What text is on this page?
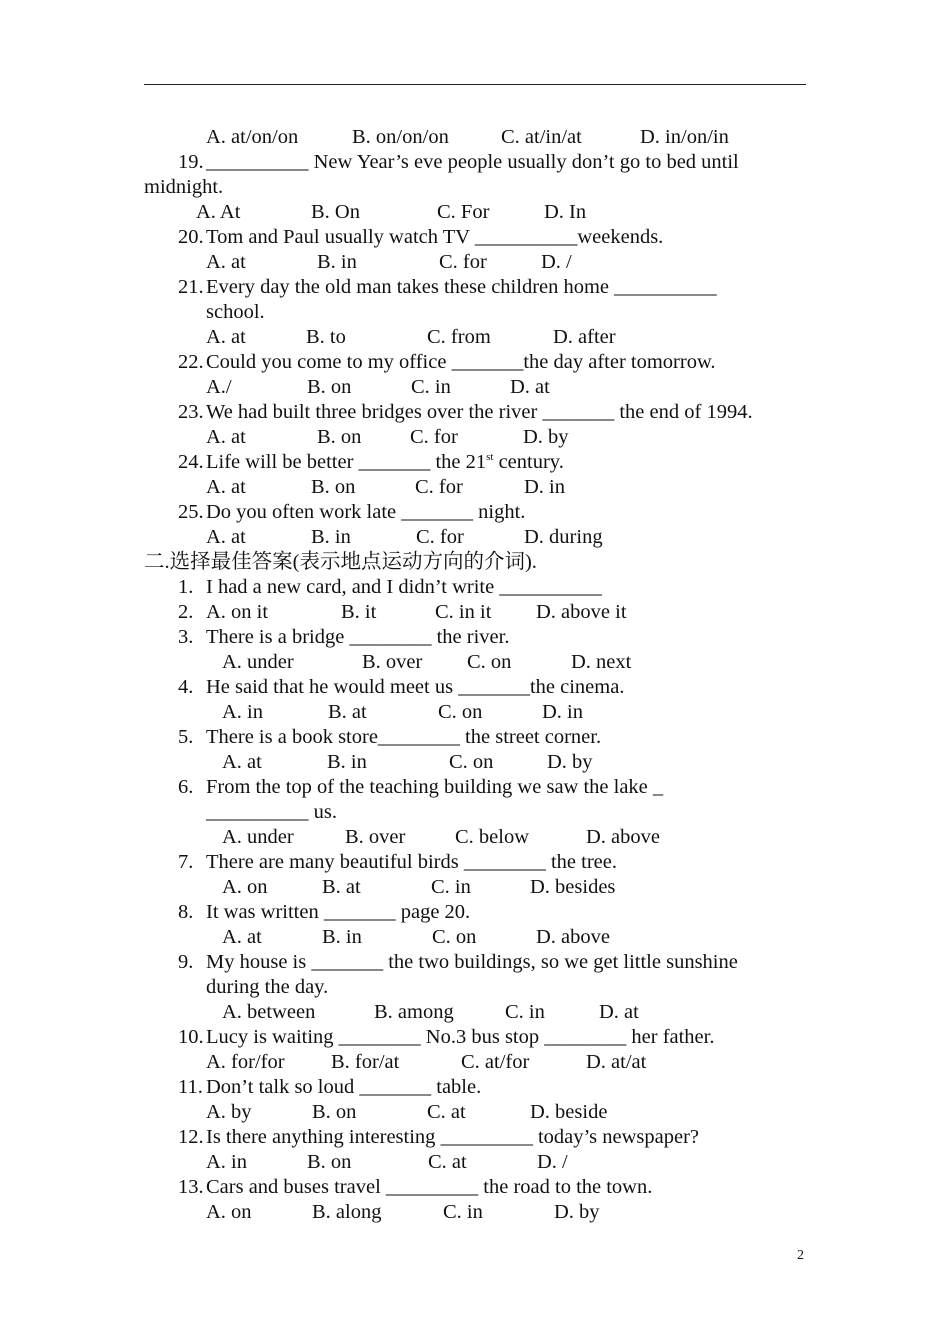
A. at/on/on	B. on/on/on	C. at/in/at	D. in/on/in
19. __________ New Year’s eve people usually don’t go to bed until
midnight.
A. At	B. On	C. For	D. In
20. Tom and Paul usually watch TV __________weekends.
A. at	B. in	C. for	D. /
21. Every day the old man takes these children home __________
school.
A. at	B. to	C. from	D. after
22. Could you come to my office _______the day after tomorrow.
A./	B. on	C. in	D. at
23. We had built three bridges over the river _______ the end of 1994.
A. at	B. on C. for	D. by
24. Life will be better _______ the 21st century.
A. at	B. on	C. for	D. in
25. Do you often work late _______ night.
A. at	B. in	C. for	D. during
二.选择最佳答案(表示地点运动方向的介词).
1. I had a new card, and I didn’t write __________
2. A. on it	B. it	C. in it D. above it
3. There is a bridge ________ the river.
A. under	B. over C. on	D. next
4. He said that he would meet us _______the cinema.
A. in	B. at	C. on	D. in
5. There is a book store________ the street corner.
A. at	B. in	C. on	D. by
6. From the top of the teaching building we saw the lake _
__________ us.
A. under	B. over C. below	D. above
7. There are many beautiful birds ________ the tree.
A. on	B. at	C. in	D. besides
8. It was written _______ page 20.
A. at	B. in	C. on	D. above
9. My house is _______ the two buildings, so we get little sunshine
during the day.
A. between	B. among	C. in	D. at
10. Lucy is waiting ________ No.3 bus stop ________ her father.
A. for/for B. for/at	C. at/for	D. at/at
11. Don’t talk so loud _______ table.
A. by	B. on	C. at	D. beside
12. Is there anything interesting _________ today’s newspaper?
A. in	B. on	C. at	D. /
13. Cars and buses travel _________ the road to the town.
A. on	B. along	C. in	D. by
2
